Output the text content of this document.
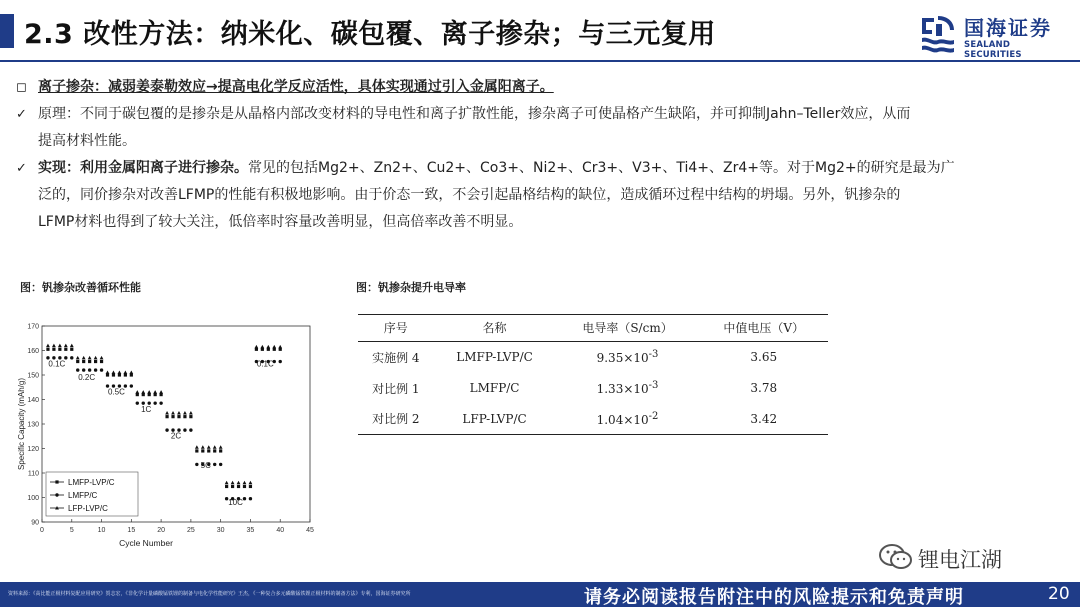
2.3 改性方法：纳米化、碳包覆、离子掺杂；与三元复用	国海证券
SEALAND SECURITIES
◻ 离子掺杂：减弱姜泰勒效应→提高电化学反应活性，具体实现通过引入金属阳离子。
✓ 原理：不同于碳包覆的是掺杂是从晶格内部改变材料的导电性和离子扩散性能，掺杂离子可使晶格产生缺陷，并可抑制Jahn–Teller效应，从而
提高材料性能。
✓ 实现：利用金属阳离子进行掺杂。常见的包括Mg2+、Zn2+、Cu2+、Co3+、Ni2+、Cr3+、V3+、Ti4+、Zr4+等。对于Mg2+的研究是最为广
泛的，同价掺杂对改善LFMP的性能有积极地影响。由于价态一致，不会引起晶格结构的缺位，造成循环过程中结构的坍塌。另外，钒掺杂的
LFMP材料也得到了较大关注，低倍率时容量改善明显，但高倍率改善不明显。
图：钒掺杂改善循环性能	图：钒掺杂提升电导率
0	5	10	15	20	25	30	35	40	45
90
100
110
120
130
140
150
160
170
Cycle Number
Specific Capacity (mAh/g)
0.1C
0.2C
0.5C
1C
2C
5C
10C
0.1C
LMFP-LVP/C
LMFP/C
LFP-LVP/C
序号	名称	电导率（S/cm）	中值电压（V）
实施例 4	LMFP-LVP/C	$9.35\times 10^{-3}$	3.65
对比例 1	LMFP/C	$1.33\times 10^{-3}$	3.78
对比例 2	LFP-LVP/C	$1.04\times 10^{-2}$	3.42
锂电江湖
资料来源：《高比能正极材料复配应用研究》贺志宏，《非化学计量磷酸锰铁锂的制备与电化学性能研究》王杰，《一种复合多元磷酸锰铁锂正极材料的制备方法》专利，国海证券研究所	请务必阅读报告附注中的风险提示和免责声明	20
